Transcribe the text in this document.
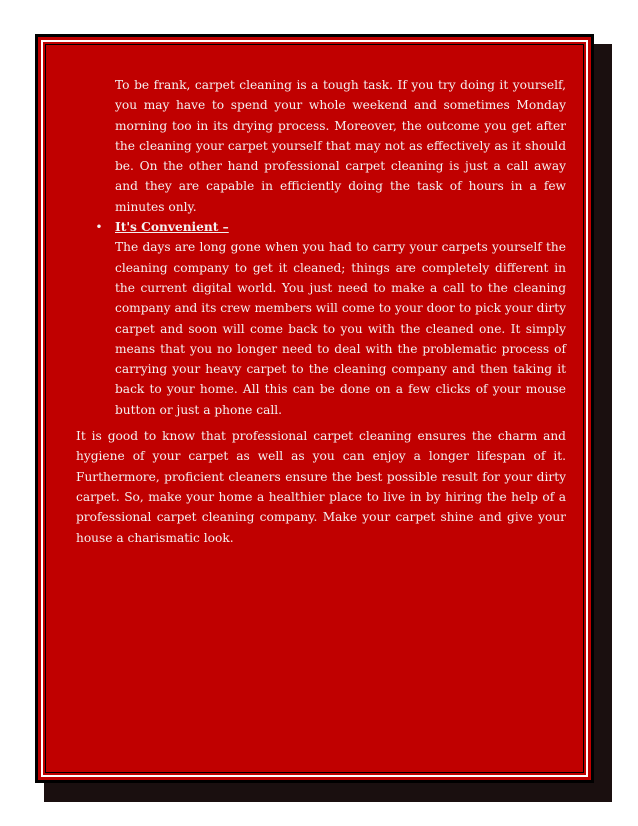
To be frank, carpet cleaning is a tough task. If you try doing it yourself, you may have to spend your whole weekend and sometimes Monday morning too in its drying process. Moreover, the outcome you get after the cleaning your carpet yourself that may not as effectively as it should be. On the other hand professional carpet cleaning is just a call away and they are capable in efficiently doing the task of hours in a few minutes only.

• It's Convenient –

The days are long gone when you had to carry your carpets yourself the cleaning company to get it cleaned; things are completely different in the current digital world. You just need to make a call to the cleaning company and its crew members will come to your door to pick your dirty carpet and soon will come back to you with the cleaned one. It simply means that you no longer need to deal with the problematic process of carrying your heavy carpet to the cleaning company and then taking it back to your home. All this can be done on a few clicks of your mouse button or just a phone call.

It is good to know that professional carpet cleaning ensures the charm and hygiene of your carpet as well as you can enjoy a longer lifespan of it. Furthermore, proficient cleaners ensure the best possible result for your dirty carpet. So, make your home a healthier place to live in by hiring the help of a professional carpet cleaning company. Make your carpet shine and give your house a charismatic look.
